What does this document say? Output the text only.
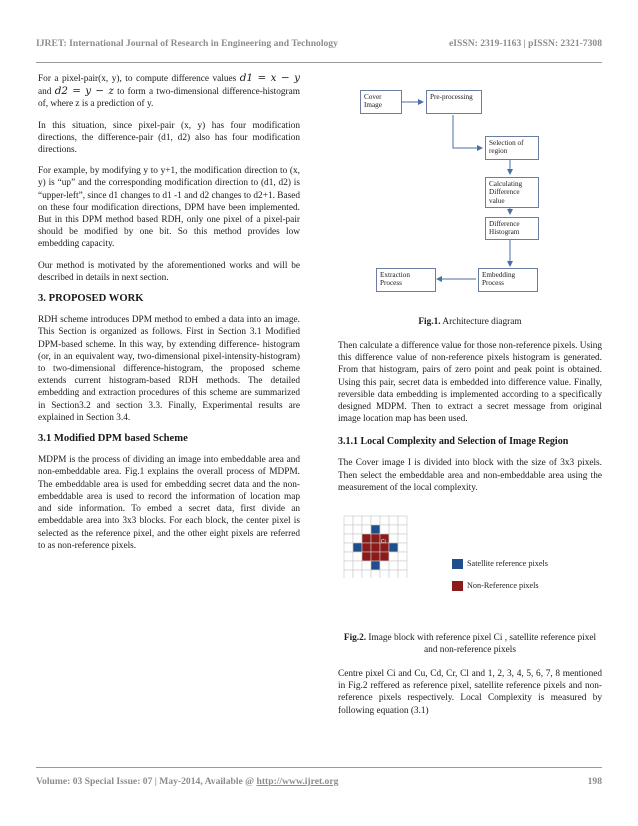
IJRET: International Journal of Research in Engineering and Technology	eISSN: 2319-1163 | pISSN: 2321-7308

For a pixel-pair(x, y), to compute difference values d1 = x − y and d2 = y − z to form a two-dimensional difference-histogram of, where z is a prediction of y.

In this situation, since pixel-pair (x, y) has four modification directions, the difference-pair (d1, d2) also has four modification directions.

For example, by modifying y to y+1, the modification direction to (x, y) is “up” and the corresponding modification direction to (d1, d2) is “upper-left”, since d1 changes to d1 -1 and d2 changes to d2+1. Based on these four modification directions, DPM have been implemented. But in this DPM method based RDH, only one pixel of a pixel-pair should be modified by one bit. So this method provides low embedding capacity.

Our method is motivated by the aforementioned works and will be described in details in next section.

3. PROPOSED WORK

RDH scheme introduces DPM method to embed a data into an image. This Section is organized as follows. First in Section 3.1 Modified DPM-based scheme. In this way, by extending difference- histogram (or, in an equivalent way, two-dimensional pixel-intensity-histogram) to two-dimensional difference-histogram, the proposed scheme extends current histogram-based RDH methods. The detailed embedding and extraction procedures of this scheme are summarized in Section3.2 and section 3.3. Finally, Experimental results are explained in Section 3.4.

3.1 Modified DPM based Scheme

MDPM is the process of dividing an image into embeddable area and non-embeddable area. Fig.1 explains the overall process of MDPM. The embeddable area is used for embedding secret data and the non-embeddable area is used to record the information of location map and side information. To embed a secret data, first divide an embeddable area into 3x3 blocks. For each block, the center pixel is selected as the reference pixel, and the other eight pixels are referred to as non-reference pixels.

Cover Image
Pre-processing
Selection of region
Calculating Difference value
Difference Histogram
Embedding Process
Extraction Process
Fig.1. Architecture diagram

Then calculate a difference value for those non-reference pixels. Using this difference value of non-reference pixels histogram is generated. From that histogram, pairs of zero point and peak point is obtained. Using this pair, secret data is embedded into difference value. Finally, reversible data embedding is implemented according to a specifically designed MDPM. Then to extract a secret message from original image location map has been used.

3.1.1 Local Complexity and Selection of Image Region

The Cover image I is divided into block with the size of 3x3 pixels. Then select the embeddable area and non-embeddable area using the measurement of the local complexity.

Ci
Satellite reference pixels
Non-Reference pixels
Fig.2. Image block with reference pixel Ci , satellite reference pixel and non-reference pixels

Centre pixel Ci and Cu, Cd, Cr, Cl and 1, 2, 3, 4, 5, 6, 7, 8 mentioned in Fig.2 reffered as reference pixel, satellite reference pixels and non-reference pixels respectively. Local Complexity is measured by following equation (3.1)

Volume: 03 Special Issue: 07 | May-2014, Available @ http://www.ijret.org	198
